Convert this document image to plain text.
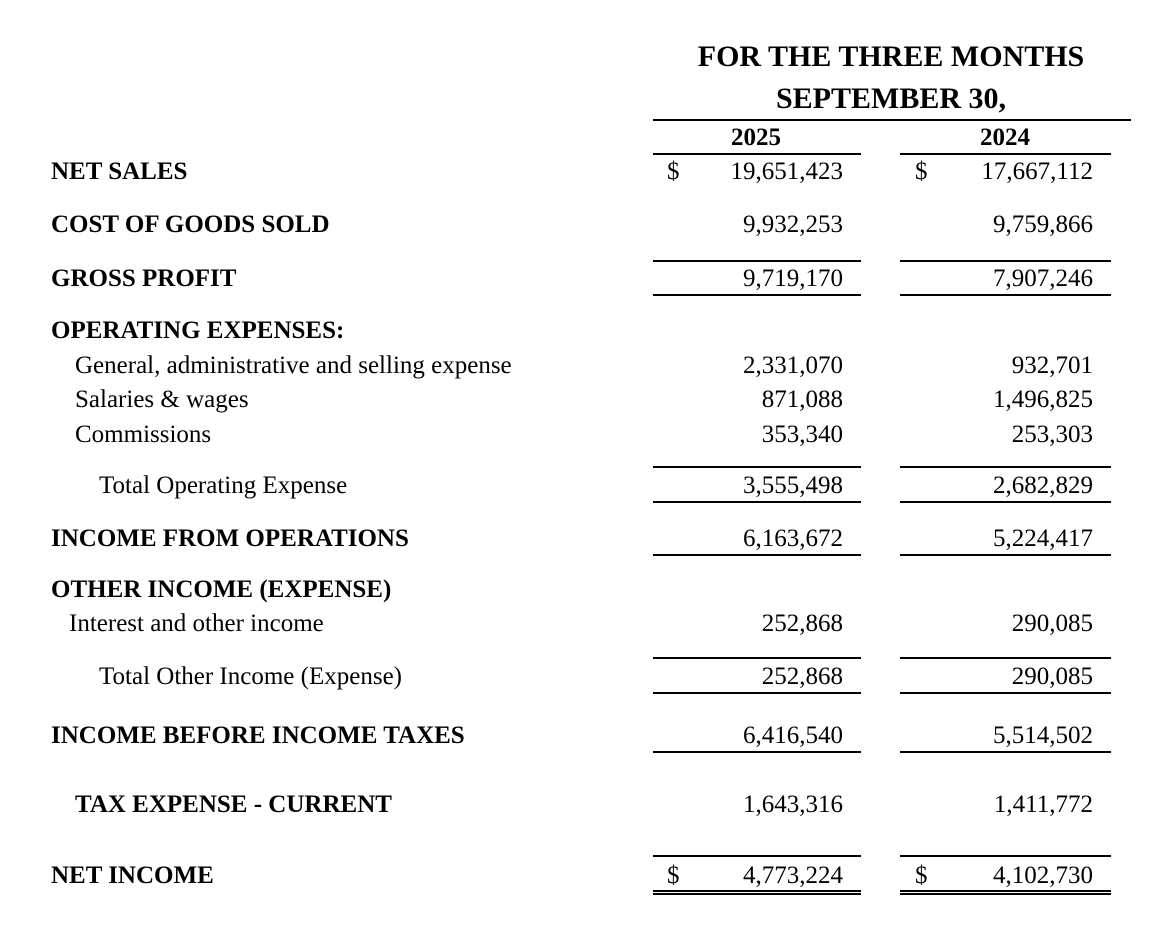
FOR THE THREE MONTHS
SEPTEMBER 30,
2025	2024
NET SALES	$	19,651,423	$	17,667,112
COST OF GOODS SOLD	9,932,253	9,759,866
GROSS PROFIT	9,719,170	7,907,246
OPERATING EXPENSES:
General, administrative and selling expense	2,331,070	932,701
Salaries & wages	871,088	1,496,825
Commissions	353,340	253,303
Total Operating Expense	3,555,498	2,682,829
INCOME FROM OPERATIONS	6,163,672	5,224,417
OTHER INCOME (EXPENSE)
Interest and other income	252,868	290,085
Total Other Income (Expense)	252,868	290,085
INCOME BEFORE INCOME TAXES	6,416,540	5,514,502
TAX EXPENSE - CURRENT	1,643,316	1,411,772
NET INCOME	$	4,773,224	$	4,102,730
